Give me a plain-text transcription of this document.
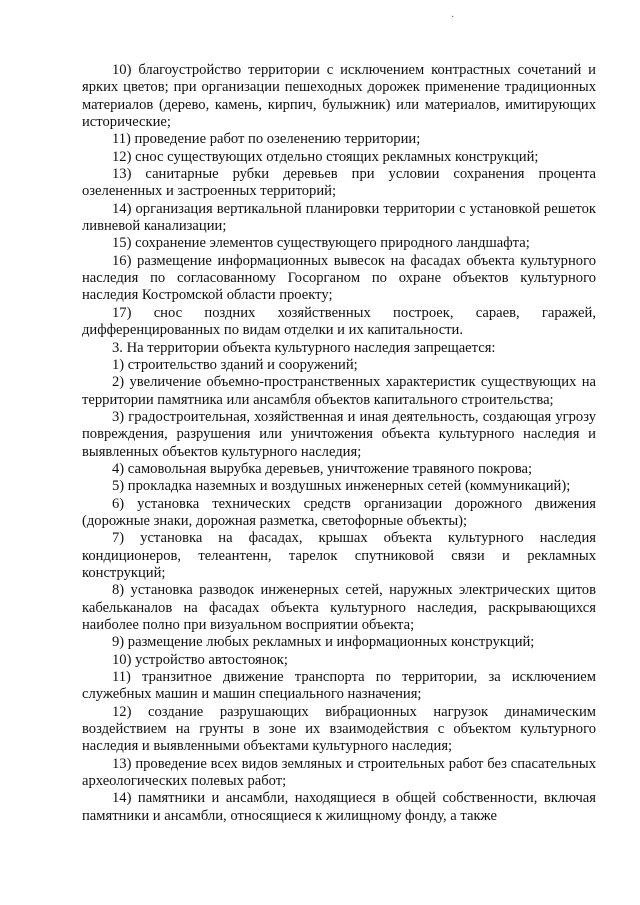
·

10) благоустройство территории с исключением контрастных сочетаний и ярких цветов; при организации пешеходных дорожек применение традиционных материалов (дерево, камень, кирпич, булыжник) или материалов, имитирующих исторические;

11) проведение работ по озеленению территории;

12) снос существующих отдельно стоящих рекламных конструкций;

13) санитарные рубки деревьев при условии сохранения процента озелененных и застроенных территорий;

14) организация вертикальной планировки территории с установкой решеток ливневой канализации;

15) сохранение элементов существующего природного ландшафта;

16) размещение информационных вывесок на фасадах объекта культурного наследия по согласованному Госорганом по охране объектов культурного наследия Костромской области проекту;

17) снос поздних хозяйственных построек, сараев, гаражей, дифференцированных по видам отделки и их капитальности.

3. На территории объекта культурного наследия запрещается:

1) строительство зданий и сооружений;

2) увеличение объемно-пространственных характеристик существующих на территории памятника или ансамбля объектов капитального строительства;

3) градостроительная, хозяйственная и иная деятельность, создающая угрозу повреждения, разрушения или уничтожения объекта культурного наследия и выявленных объектов культурного наследия;

4) самовольная вырубка деревьев, уничтожение травяного покрова;

5) прокладка наземных и воздушных инженерных сетей (коммуникаций);

6) установка технических средств организации дорожного движения (дорожные знаки, дорожная разметка, светофорные объекты);

7) установка на фасадах, крышах объекта культурного наследия кондиционеров, телеантенн, тарелок спутниковой связи и рекламных конструкций;

8) установка разводок инженерных сетей, наружных электрических щитов кабельканалов на фасадах объекта культурного наследия, раскрывающихся наиболее полно при визуальном восприятии объекта;

9) размещение любых рекламных и информационных конструкций;

10) устройство автостоянок;

11) транзитное движение транспорта по территории, за исключением служебных машин и машин специального назначения;

12) создание разрушающих вибрационных нагрузок динамическим воздействием на грунты в зоне их взаимодействия с объектом культурного наследия и выявленными объектами культурного наследия;

13) проведение всех видов земляных и строительных работ без спасательных археологических полевых работ;

14) памятники и ансамбли, находящиеся в общей собственности, включая памятники и ансамбли, относящиеся к жилищному фонду, а также
